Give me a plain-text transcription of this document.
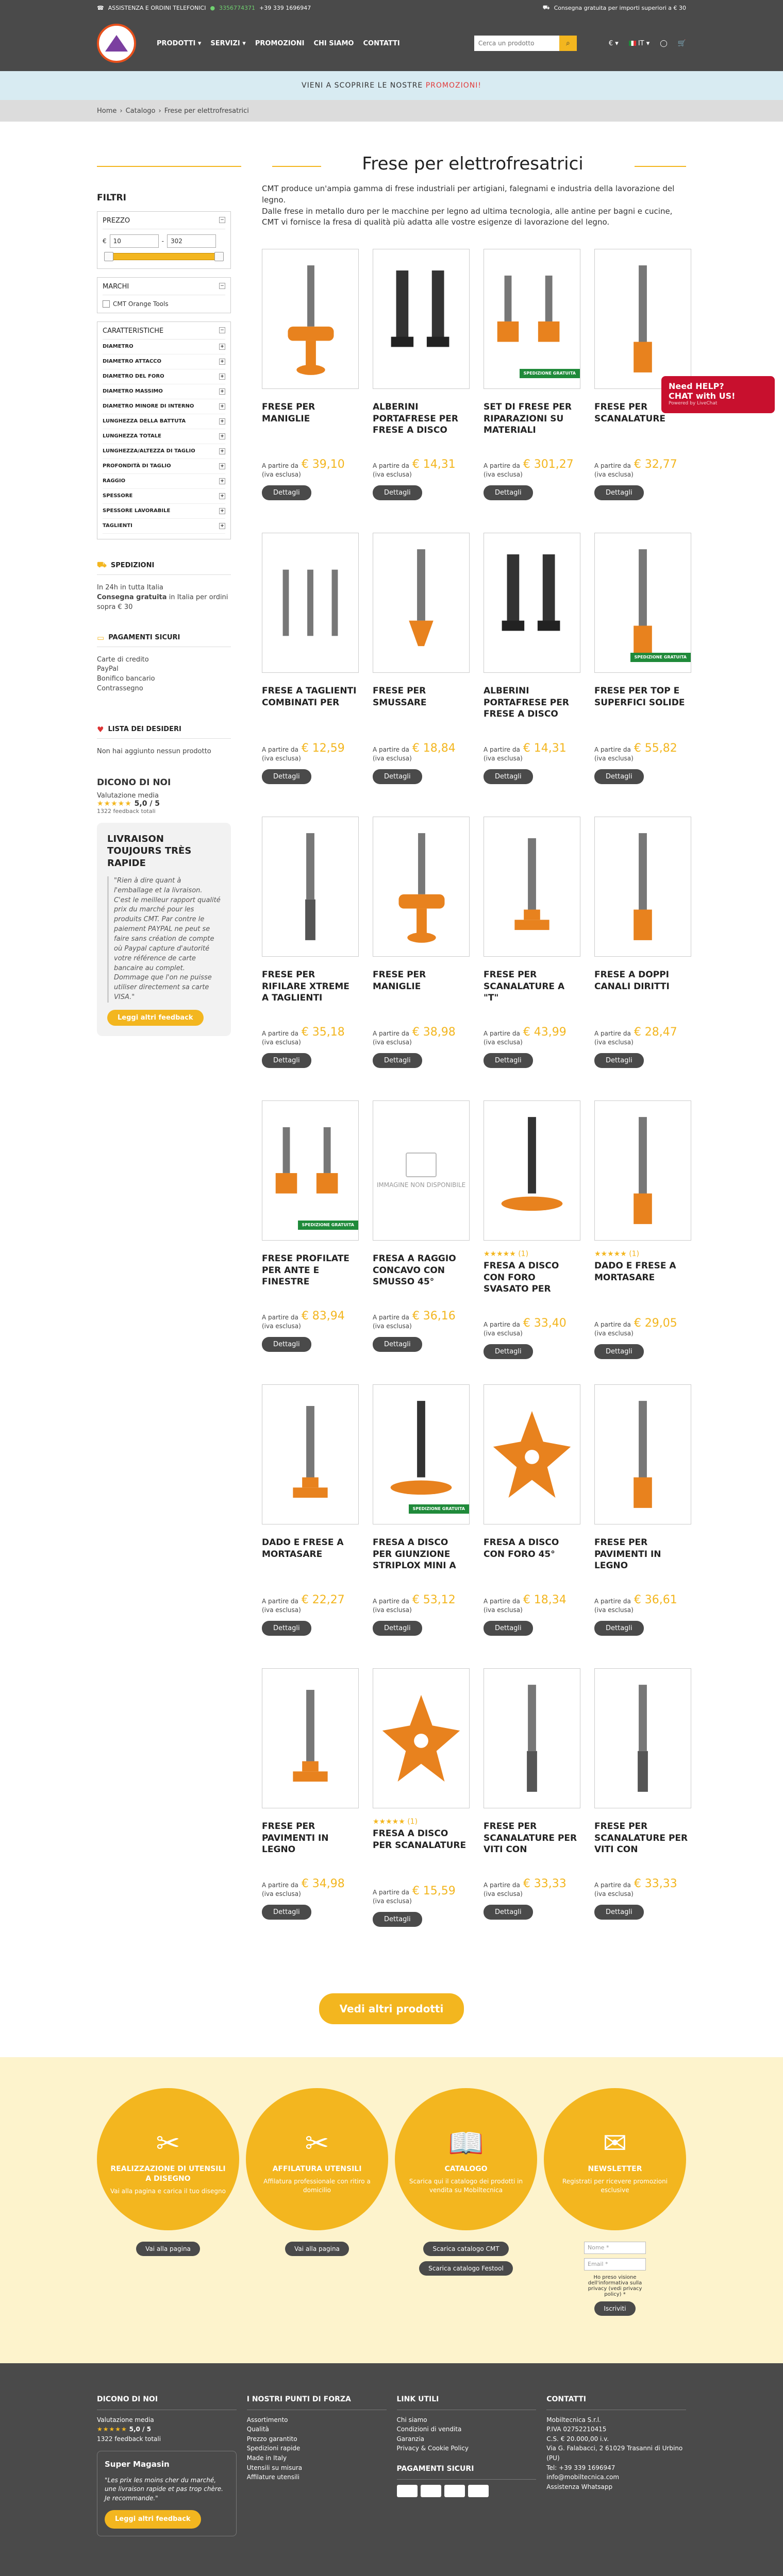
☎ ASSISTENZA E ORDINI TELEFONICI ● 3356774371 +39 339 1696947	⛟ Consegna gratuita per importi superiori a € 30
PRODOTTI ▾ SERVIZI ▾ PROMOZIONI CHI SIAMO CONTATTI
Cerca un prodotto	⌕	€ ▾	IT ▾ ◯ 🛒
VIENI A SCOPRIRE LE NOSTRE
PROMOZIONI!
Home › Catalogo › Frese per elettrofresatrici
Frese per elettrofresatrici
FILTRI
PREZZO	−
€	10	-	302
MARCHI	−
CMT Orange Tools
CARATTERISTICHE	−
DIAMETRO	+
DIAMETRO ATTACCO	+
DIAMETRO DEL FORO	+
DIAMETRO MASSIMO	+
DIAMETRO MINORE DI INTERNO	+
LUNGHEZZA DELLA BATTUTA	+
LUNGHEZZA TOTALE	+
LUNGHEZZA/ALTEZZA DI TAGLIO	+
PROFONDITÀ DI TAGLIO	+
RAGGIO	+
SPESSORE	+
SPESSORE LAVORABILE	+
TAGLIENTI	+
⛟ SPEDIZIONI
In 24h in tutta Italia
Consegna gratuita in Italia per ordini sopra € 30
▭ PAGAMENTI SICURI
Carte di credito
PayPal
Bonifico bancario
Contrassegno
♥ LISTA DEI DESIDERI
Non hai aggiunto nessun prodotto
DICONO DI NOI
Valutazione media
★★★★★ 5,0 / 5
1322 feedback totali
LIVRAISON TOUJOURS TRÈS RAPIDE

"Rien à dire quant à l'emballage et la livraison. C'est le meilleur rapport qualité prix du marché pour les produits CMT. Par contre le paiement PAYPAL ne peut se faire sans création de compte où Paypal capture d'autorité votre référence de carte bancaire au complet. Dommage que l'on ne puisse utiliser directement sa carte VISA."

Leggi altri feedback

CMT produce un'ampia gamma di frese industriali per artigiani, falegnami e industria della lavorazione del legno.
Dalle frese in metallo duro per le macchine per legno ad ultima tecnologia, alle antine per bagni e cucine, CMT vi fornisce la fresa di qualità più adatta alle vostre esigenze di lavorazione del legno.

FRESE PER MANIGLIE
A partire da € 39,10
(iva esclusa)
Dettagli
ALBERINI PORTAFRESE PER FRESE A DISCO
A partire da € 14,31
(iva esclusa)
Dettagli
SPEDIZIONE GRATUITA
SET DI FRESE PER RIPARAZIONI SU MATERIALI
A partire da € 301,27
(iva esclusa)
Dettagli
FRESE PER SCANALATURE
A partire da € 32,77
(iva esclusa)
Dettagli
FRESE A TAGLIENTI COMBINATI PER
A partire da € 12,59
(iva esclusa)
Dettagli
FRESE PER SMUSSARE
A partire da € 18,84
(iva esclusa)
Dettagli
ALBERINI PORTAFRESE PER FRESE A DISCO
A partire da € 14,31
(iva esclusa)
Dettagli
SPEDIZIONE GRATUITA
FRESE PER TOP E SUPERFICI SOLIDE
A partire da € 55,82
(iva esclusa)
Dettagli
FRESE PER RIFILARE XTREME A TAGLIENTI
A partire da € 35,18
(iva esclusa)
Dettagli
FRESE PER MANIGLIE
A partire da € 38,98
(iva esclusa)
Dettagli
FRESE PER SCANALATURE A "T"
A partire da € 43,99
(iva esclusa)
Dettagli
FRESE A DOPPI CANALI DIRITTI
A partire da € 28,47
(iva esclusa)
Dettagli
SPEDIZIONE GRATUITA
FRESE PROFILATE PER ANTE E FINESTRE
A partire da € 83,94
(iva esclusa)
Dettagli
IMMAGINE NON DISPONIBILE
FRESA A RAGGIO CONCAVO CON SMUSSO 45°
A partire da € 36,16
(iva esclusa)
Dettagli
★★★★★ (1)
FRESA A DISCO CON FORO SVASATO PER
A partire da € 33,40
(iva esclusa)
Dettagli
★★★★★ (1)
DADO E FRESE A MORTASARE
A partire da € 29,05
(iva esclusa)
Dettagli
DADO E FRESE A MORTASARE
A partire da € 22,27
(iva esclusa)
Dettagli
SPEDIZIONE GRATUITA
FRESA A DISCO PER GIUNZIONE STRIPLOX MINI A
A partire da € 53,12
(iva esclusa)
Dettagli
FRESA A DISCO CON FORO 45°
A partire da € 18,34
(iva esclusa)
Dettagli
FRESE PER PAVIMENTI IN LEGNO
A partire da € 36,61
(iva esclusa)
Dettagli
FRESE PER PAVIMENTI IN LEGNO
A partire da € 34,98
(iva esclusa)
Dettagli
★★★★★ (1)
FRESA A DISCO PER SCANALATURE
A partire da € 15,59
(iva esclusa)
Dettagli
FRESE PER SCANALATURE PER VITI CON
A partire da € 33,33
(iva esclusa)
Dettagli
FRESE PER SCANALATURE PER VITI CON
A partire da € 33,33
(iva esclusa)
Dettagli
Vedi altri prodotti
✂
REALIZZAZIONE DI UTENSILI A DISEGNO

Vai alla pagina e carica il tuo disegno

Vai alla pagina
✂
AFFILATURA UTENSILI

Affilatura professionale con ritiro a domicilio

Vai alla pagina
📖
CATALOGO

Scarica qui il catalogo dei prodotti in vendita su Mobiltecnica

Scarica catalogo CMT
Scarica catalogo Festool
✉
NEWSLETTER

Registrati per ricevere promozioni esclusive

Nome *
Email *
Ho preso visione dell'informativa sulla privacy (vedi privacy policy) *
Iscriviti
DICONO DI NOI
Valutazione media
★★★★★ 5,0 / 5
1322 feedback totali
Super Magasin

"Les prix les moins cher du marché, une livraison rapide et pas trop chère. Je recommande."

Leggi altri feedback
I NOSTRI PUNTI DI FORZA
Assortimento
Qualità
Prezzo garantito
Spedizioni rapide
Made in Italy
Utensili su misura
Affilature utensili
LINK UTILI
Chi siamo
Condizioni di vendita
Garanzia
Privacy & Cookie Policy
PAGAMENTI SICURI
CONTATTI
Mobiltecnica S.r.l.
P.IVA 02752210415
C.S. € 20.000,00 i.v.
Via G. Falabacci, 2 61029 Trasanni di Urbino (PU)
Tel: +39 339 1696947
info@mobiltecnica.com
Assistenza Whatsapp
Need HELP?
CHAT with US!
Powered by LiveChat
